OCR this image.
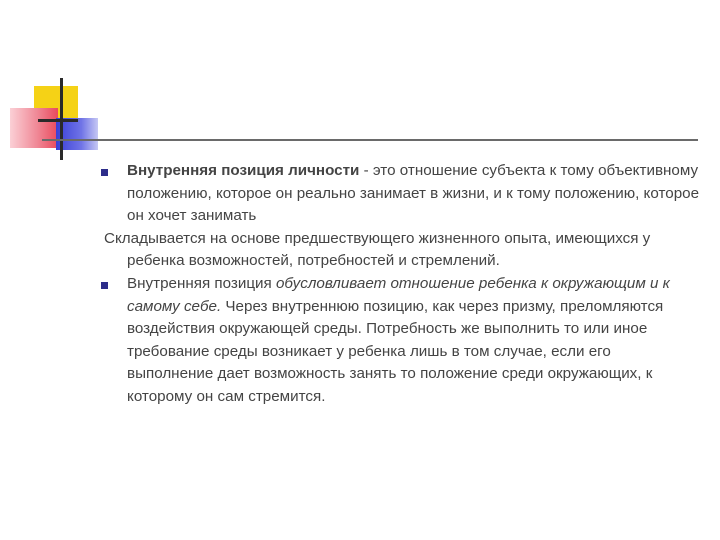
Внутренняя позиция личности - это отношение субъекта к тому объективному положению, которое он реально занимает в жизни, и к тому положению, которое он хочет занимать

Складывается на основе предшествующего жизненного опыта, имеющихся у ребенка возможностей, потребностей и стремлений.

Внутренняя позиция обусловливает отношение ребенка к окружающим и к самому себе. Через внутреннюю позицию, как через призму, преломляются воздействия окружающей среды. Потребность же выполнить то или иное требование среды возникает у ребенка лишь в том случае, если его выполнение дает возможность занять то положение среди окружающих, к которому он сам стремится.
